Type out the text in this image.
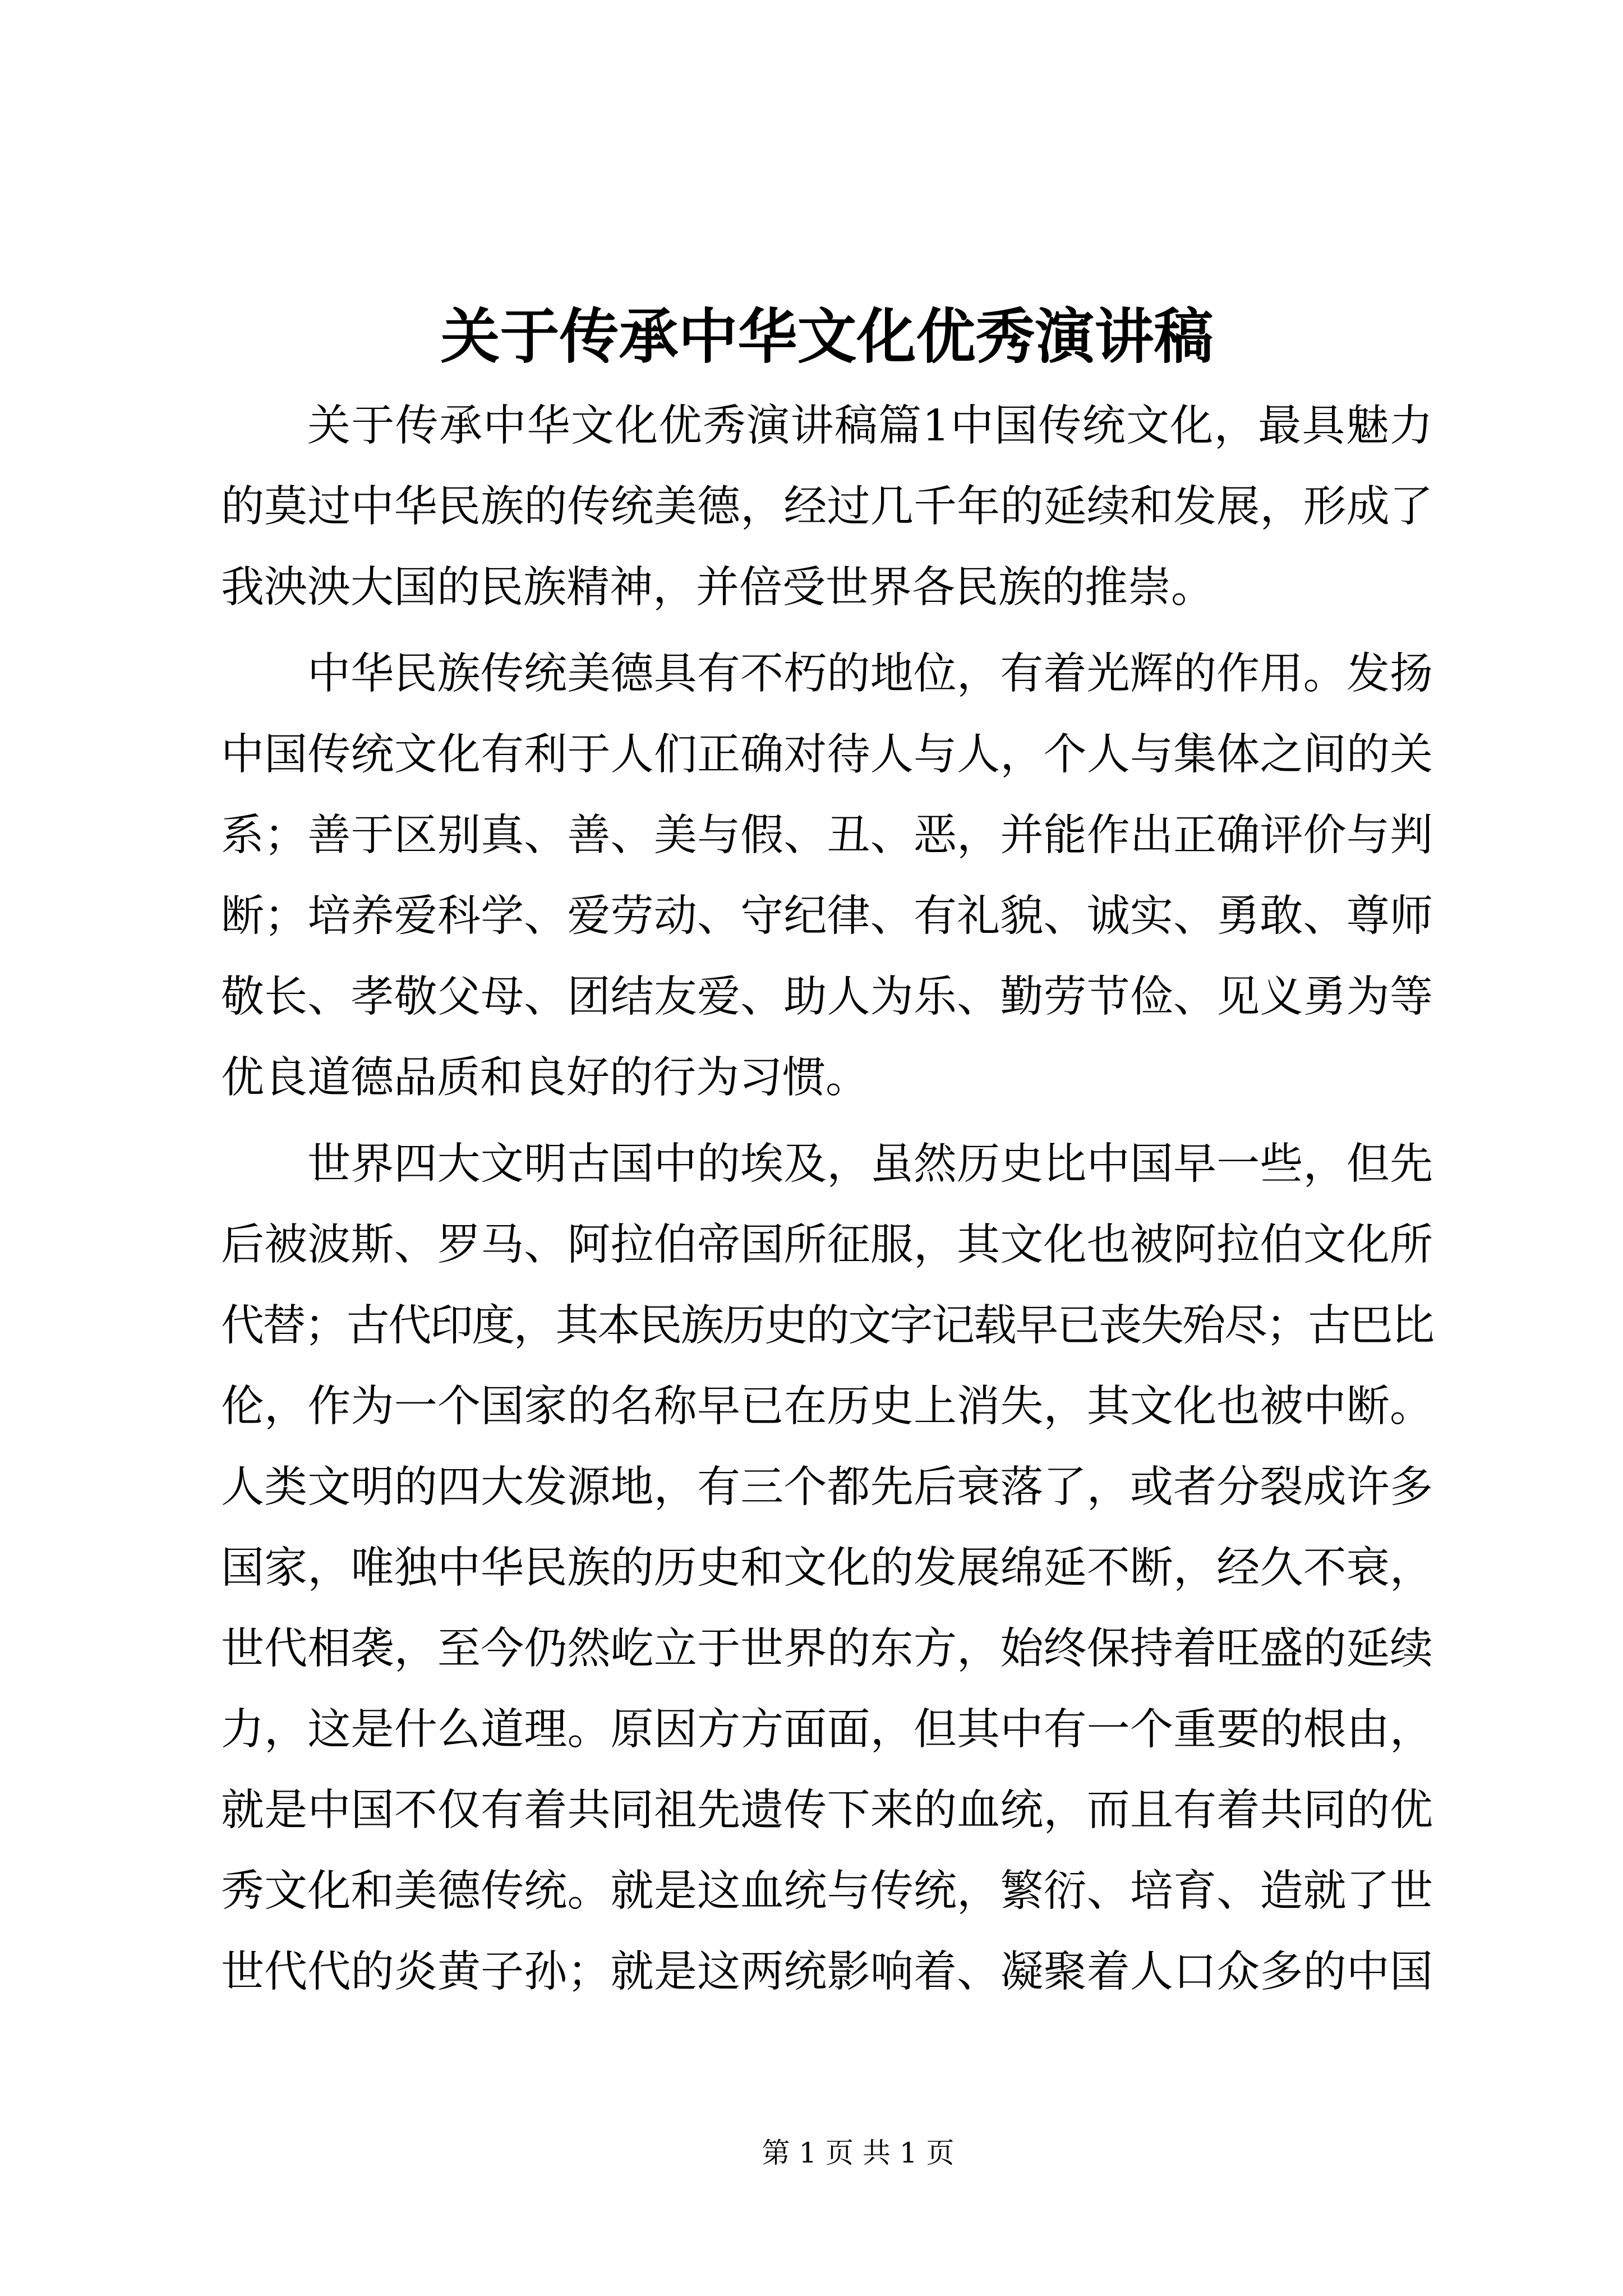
关于传承中华文化优秀演讲稿
关于传承中华文化优秀演讲稿篇1中国传统文化，最具魅力
的莫过中华民族的传统美德，经过几千年的延续和发展，形成了
我泱泱大国的民族精神，并倍受世界各民族的推崇。
中华民族传统美德具有不朽的地位，有着光辉的作用。发扬
中国传统文化有利于人们正确对待人与人，个人与集体之间的关
系；善于区别真、善、美与假、丑、恶，并能作出正确评价与判
断；培养爱科学、爱劳动、守纪律、有礼貌、诚实、勇敢、尊师
敬长、孝敬父母、团结友爱、助人为乐、勤劳节俭、见义勇为等
优良道德品质和良好的行为习惯。
世界四大文明古国中的埃及，虽然历史比中国早一些，但先
后被波斯、罗马、阿拉伯帝国所征服，其文化也被阿拉伯文化所
代替；古代印度，其本民族历史的文字记载早已丧失殆尽；古巴比
伦，作为一个国家的名称早已在历史上消失，其文化也被中断。
人类文明的四大发源地，有三个都先后衰落了，或者分裂成许多
国家，唯独中华民族的历史和文化的发展绵延不断，经久不衰，
世代相袭，至今仍然屹立于世界的东方，始终保持着旺盛的延续
力，这是什么道理。原因方方面面，但其中有一个重要的根由，
就是中国不仅有着共同祖先遗传下来的血统，而且有着共同的优
秀文化和美德传统。就是这血统与传统，繁衍、培育、造就了世
世代代的炎黄子孙；就是这两统影响着、凝聚着人口众多的中国
第 1 页 共 1 页
